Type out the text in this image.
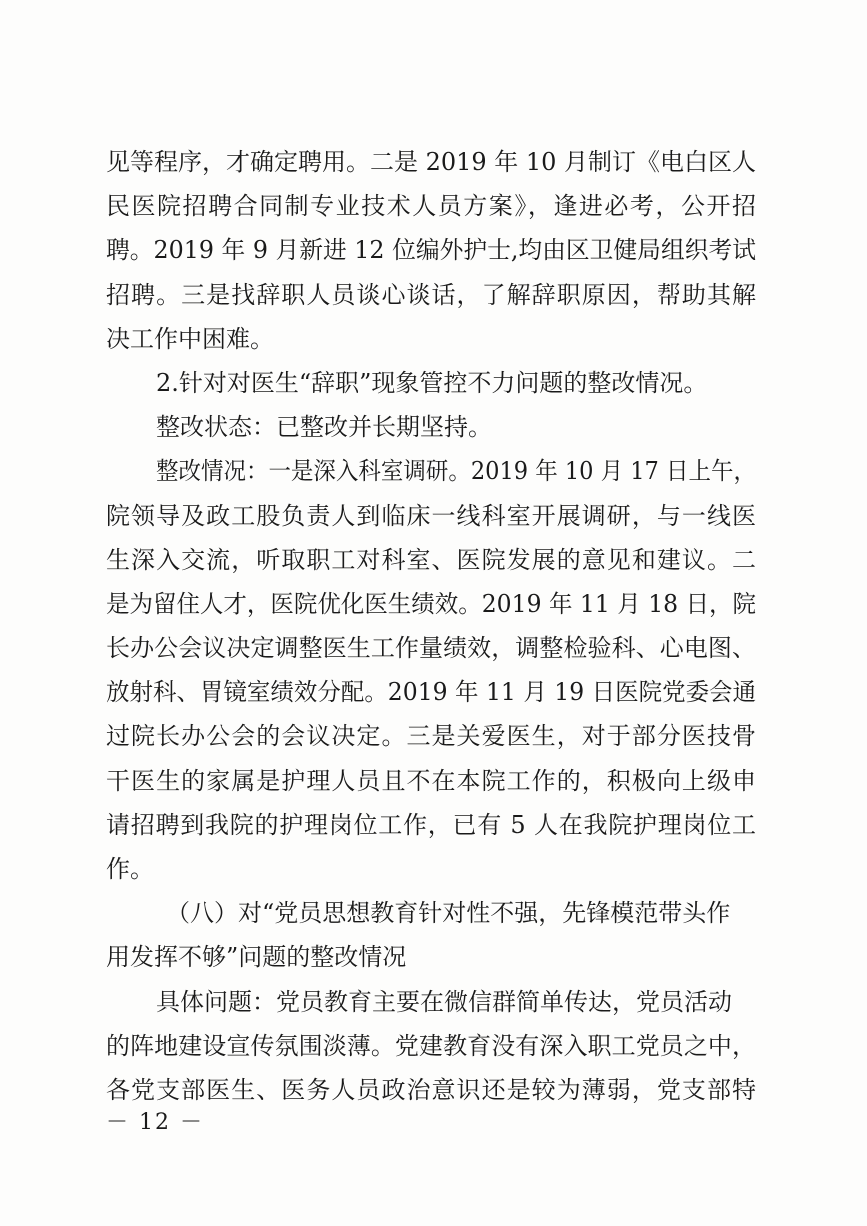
见等程序，才确定聘用。二是 2019 年 10 月制订《电白区人
民医院招聘合同制专业技术人员方案》，逢进必考，公开招
聘。2019 年 9 月新进 12 位编外护士,均由区卫健局组织考试
招聘。三是找辞职人员谈心谈话，了解辞职原因，帮助其解
决工作中困难。
2.针对对医生“辞职”现象管控不力问题的整改情况。
整改状态：已整改并长期坚持。
整改情况：一是深入科室调研。2019 年 10 月 17 日上午，
院领导及政工股负责人到临床一线科室开展调研，与一线医
生深入交流，听取职工对科室、医院发展的意见和建议。二
是为留住人才，医院优化医生绩效。2019 年 11 月 18 日，院
长办公会议决定调整医生工作量绩效，调整检验科、心电图、
放射科、胃镜室绩效分配。2019 年 11 月 19 日医院党委会通
过院长办公会的会议决定。三是关爱医生，对于部分医技骨
干医生的家属是护理人员且不在本院工作的，积极向上级申
请招聘到我院的护理岗位工作，已有 5 人在我院护理岗位工
作。
（八）对“党员思想教育针对性不强，先锋模范带头作
用发挥不够”问题的整改情况
具体问题：党员教育主要在微信群简单传达，党员活动
的阵地建设宣传氛围淡薄。党建教育没有深入职工党员之中，
各党支部医生、医务人员政治意识还是较为薄弱，党支部特
－ 12 －
